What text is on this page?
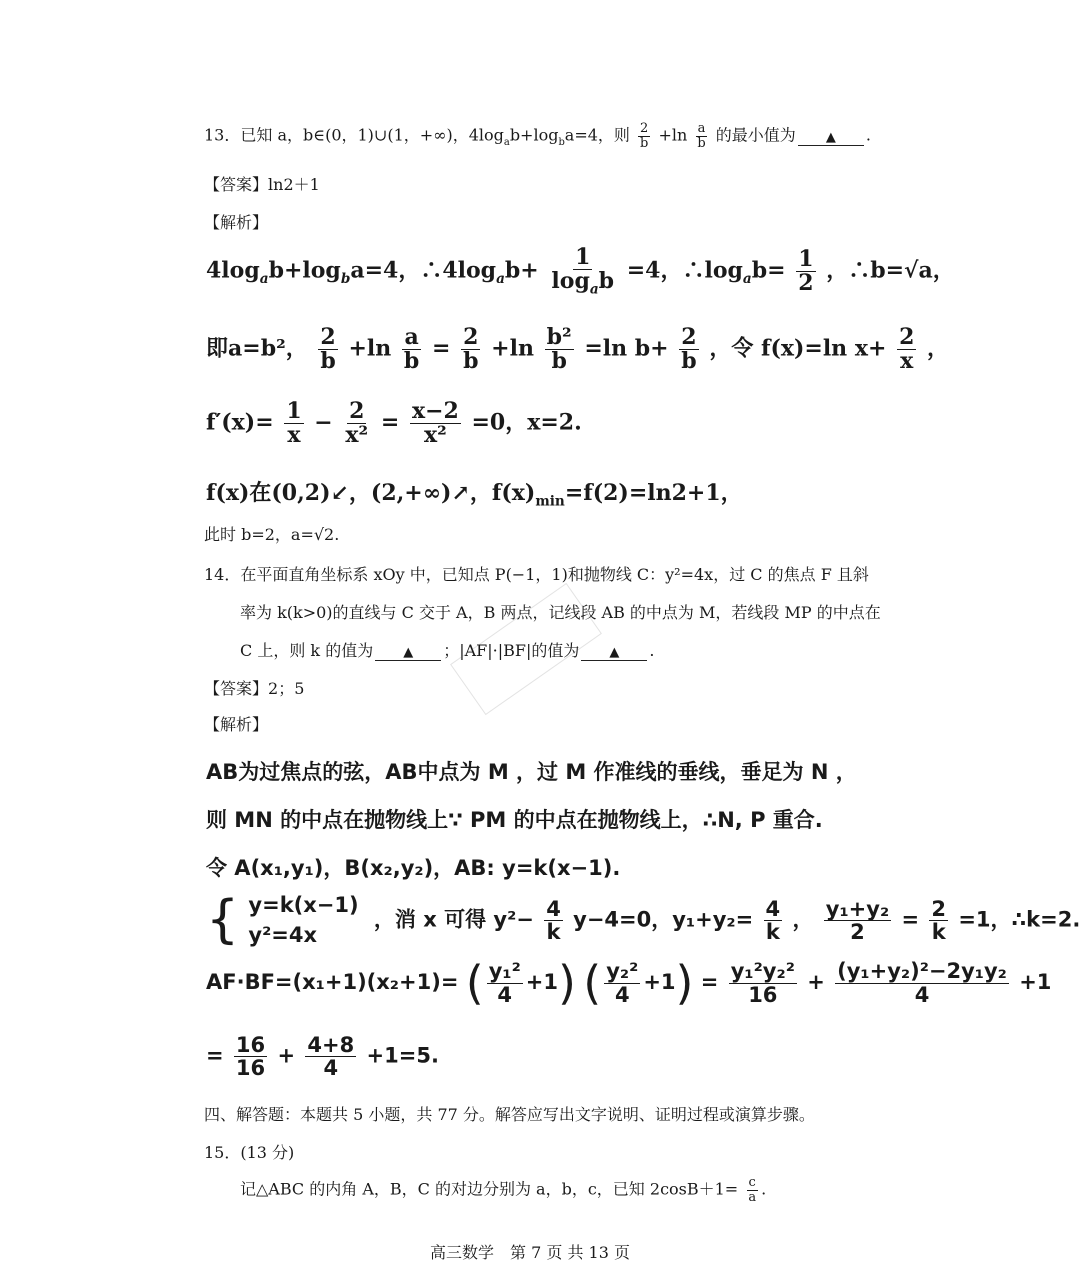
13．已知 a，b∈(0，1)∪(1，+∞)，$4\log_ab+\log_ba=4$，则 $\frac{2}{b} +\ln \frac{a}{b}$ 的最小值为 ▲ .
【答案】ln2＋1
【解析】
$4\log_ab+\log_ba=4$，$\therefore 4\log_ab+ \frac{1}{\log_ab} =4$，$\therefore\log_ab= \frac{1}{2}$ ，∴b=√a，
即a=b²， $\frac{2}{b} +\ln \frac{a}{b} = \frac{2}{b} +\ln \frac{\text{b²}}{b} =\ln$ $b+ \frac{2}{b}$ ，令 f(x)=ln $x+ \frac{2}{x}$ ，
$f'(x)= \frac{1}{x} - \frac{2}{\text{x²}} = \frac{x-2}{\text{x²}} =0$，x=2.
f(x)在(0,2)↙，(2,+∞)↗，$f(x)_{min}=f(2)=\ln 2+1$，
此时 b=2，a=√2.
14．在平面直角坐标系 xOy 中，已知点 P(−1，1)和抛物线 C：y²=4x，过 C 的焦点 F 且斜
率为 k(k>0)的直线与 C 交于 A，B 两点，记线段 AB 的中点为 M，若线段 MP 的中点在
C 上，则 k 的值为 ▲ ；|AF|·|BF|的值为 ▲ .
【答案】2；5
【解析】
AB为过焦点的弦，AB中点为 M ，过 M 作准线的垂线，垂足为 N ，
则 MN 的中点在抛物线上∵ PM 的中点在抛物线上，∴N, P 重合.
令 A(x₁,y₁)，B(x₂,y₂)，AB: y=k(x−1).
{ y=k(x−1)
y²=4x
，消 x 可得 $y^2- \frac{4}{k} y-4=0$，$y_1+y_2= \frac{4}{k}$ ， $\frac{\text{y₁+y₂}}{2} = \frac{2}{k} =1$，∴k=2.
AF·BF=(x₁+1)(x₂+1)= ( $\frac{\text{y₁²}}{4} +1$) ( $\frac{\text{y₂²}}{4} +1) = \frac{\text{y₁²y₂²}}{16} + \frac{\text{(y₁+y₂)²−2y₁y₂}}{4} +1$
= $\frac{16}{16} + \frac{4+8}{4} +1=5$.
四、解答题：本题共 5 小题，共 77 分。解答应写出文字说明、证明过程或演算步骤。
15．(13 分)
记△ABC 的内角 A，B，C 的对边分别为 a，b，c，已知 $2\cos B+1= \frac{c}{a}$ .
高三数学　第 7 页 共 13 页
